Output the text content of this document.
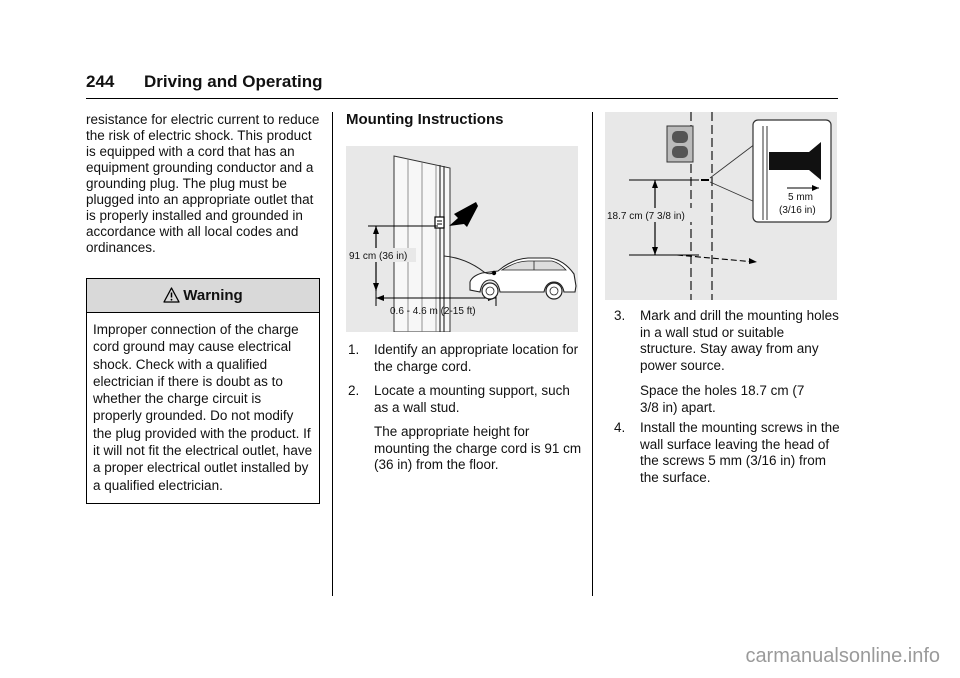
244 Driving and Operating
resistance for electric current to reduce the risk of electric shock. This product is equipped with a cord that has an equipment grounding conductor and a grounding plug. The plug must be plugged into an appropriate outlet that is properly installed and grounded in accordance with all local codes and ordinances.
Warning
Improper connection of the charge cord ground may cause electrical shock. Check with a qualified electrician if there is doubt as to whether the charge circuit is properly grounded. Do not modify the plug provided with the product. If it will not fit the electrical outlet, have a proper electrical outlet installed by a qualified electrician.
Mounting Instructions
91 cm (36 in)
0.6 - 4.6 m (2-15 ft)
1. Identify an appropriate location for the charge cord.
2. Locate a mounting support, such as a wall stud.
The appropriate height for mounting the charge cord is 91 cm (36 in) from the floor.
18.7 cm (7 3/8 in)
5 mm
(3/16 in)
3. Mark and drill the mounting holes in a wall stud or suitable structure. Stay away from any power source.
Space the holes 18.7 cm (7 3/8 in) apart.
4. Install the mounting screws in the wall surface leaving the head of the screws 5 mm (3/16 in) from the surface.
carmanualsonline.info
